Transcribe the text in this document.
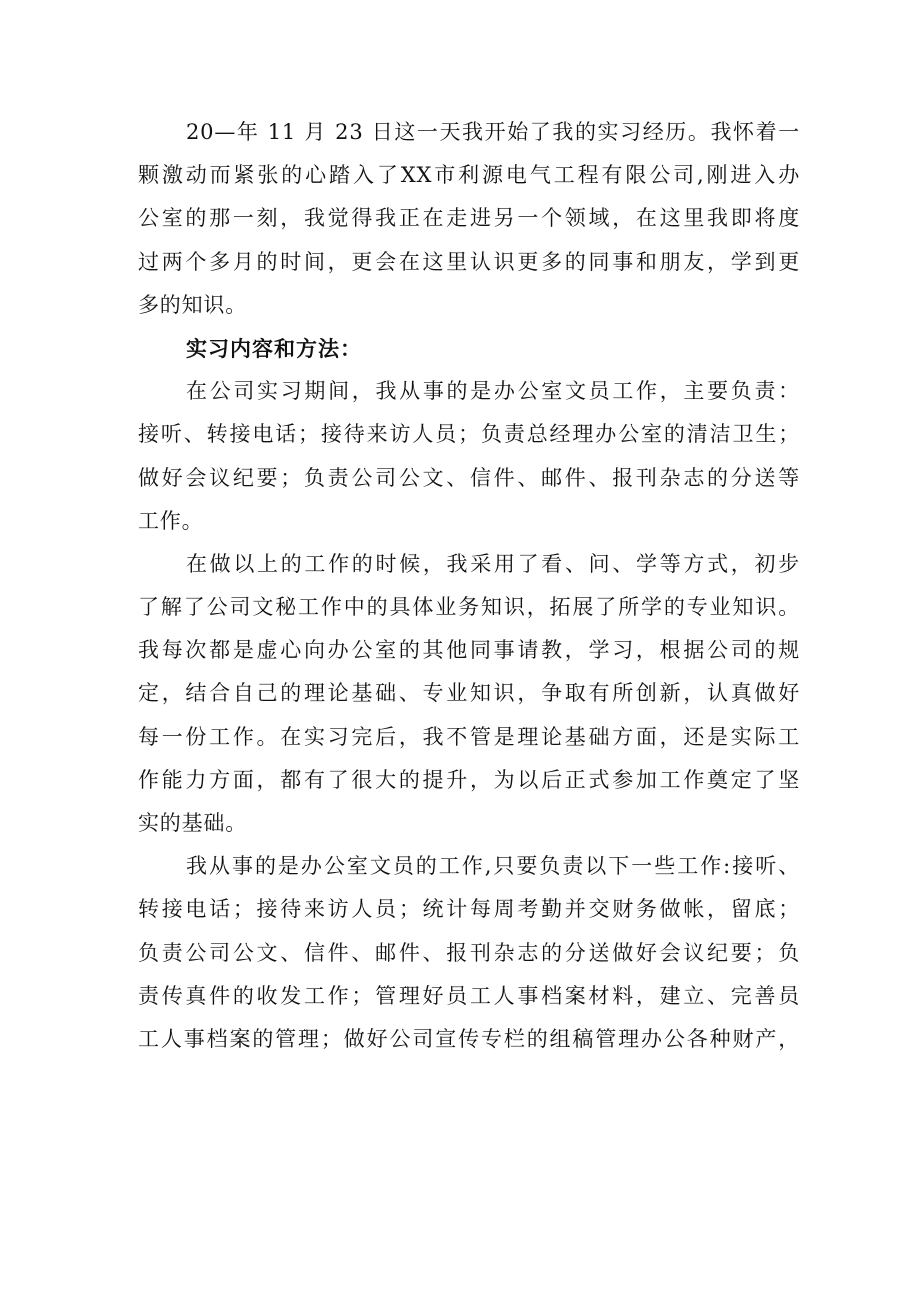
20—年 11 月 23 日这一天我开始了我的实习经历。我怀着一
颗激动而紧张的心踏入了XX市利源电气工程有限公司,刚进入办
公室的那一刻，我觉得我正在走进另一个领域，在这里我即将度
过两个多月的时间，更会在这里认识更多的同事和朋友，学到更
多的知识。
实习内容和方法：
在公司实习期间，我从事的是办公室文员工作，主要负责：
接听、转接电话；接待来访人员；负责总经理办公室的清洁卫生；
做好会议纪要；负责公司公文、信件、邮件、报刊杂志的分送等
工作。
在做以上的工作的时候，我采用了看、问、学等方式，初步
了解了公司文秘工作中的具体业务知识，拓展了所学的专业知识。
我每次都是虚心向办公室的其他同事请教，学习，根据公司的规
定，结合自己的理论基础、专业知识，争取有所创新，认真做好
每一份工作。在实习完后，我不管是理论基础方面，还是实际工
作能力方面，都有了很大的提升，为以后正式参加工作奠定了坚
实的基础。
我从事的是办公室文员的工作,只要负责以下一些工作:接听、
转接电话；接待来访人员；统计每周考勤并交财务做帐，留底；
负责公司公文、信件、邮件、报刊杂志的分送做好会议纪要；负
责传真件的收发工作；管理好员工人事档案材料，建立、完善员
工人事档案的管理；做好公司宣传专栏的组稿管理办公各种财产，
